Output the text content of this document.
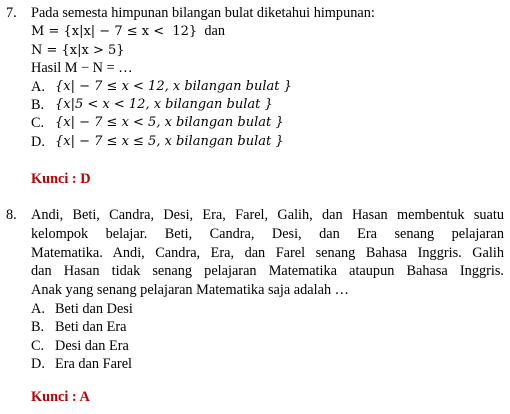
7. Pada semesta himpunan bilangan bulat diketahui himpunan:
M = {x|x| − 7 ≤ x <  12}  dan
N = {x|x > 5}
Hasil M − N = …
A. {x| − 7 ≤ x < 12, x bilangan bulat }
B. {x|5 < x < 12, x bilangan bulat }
C. {x| − 7 ≤ x < 5, x bilangan bulat }
D. {x| − 7 ≤ x ≤ 5, x bilangan bulat }
Kunci : D
8. Andi, Beti, Candra, Desi, Era, Farel, Galih, dan Hasan membentuk suatu
kelompok belajar. Beti, Candra, Desi, dan Era senang pelajaran
Matematika. Andi, Candra, Era, dan Farel senang Bahasa Inggris. Galih
dan Hasan tidak senang pelajaran Matematika ataupun Bahasa Inggris.
Anak yang senang pelajaran Matematika saja adalah …
A. Beti dan Desi
B. Beti dan Era
C. Desi dan Era
D. Era dan Farel
Kunci : A
